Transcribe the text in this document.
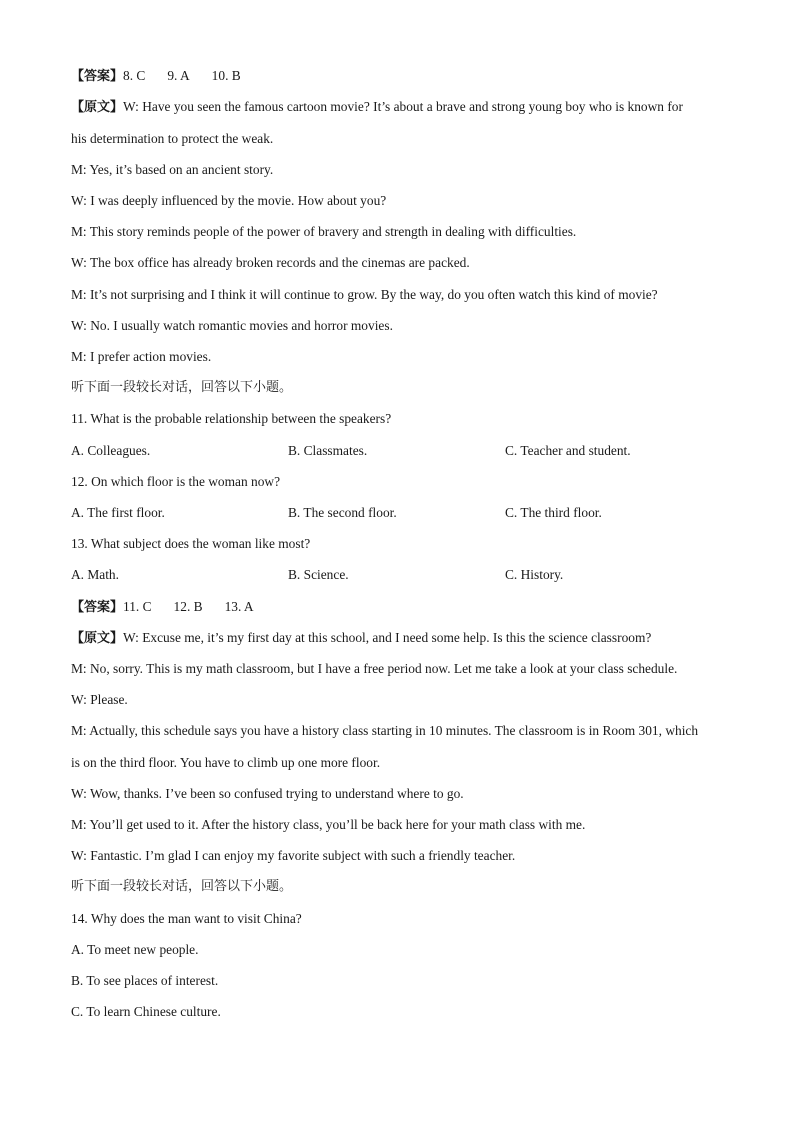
【答案】8. C 9. A 10. B
【原文】W: Have you seen the famous cartoon movie? It’s about a brave and strong young boy who is known for
his determination to protect the weak.
M: Yes, it’s based on an ancient story.
W: I was deeply influenced by the movie. How about you?
M: This story reminds people of the power of bravery and strength in dealing with difficulties.
W: The box office has already broken records and the cinemas are packed.
M: It’s not surprising and I think it will continue to grow. By the way, do you often watch this kind of movie?
W: No. I usually watch romantic movies and horror movies.
M: I prefer action movies.
听下面一段较长对话，回答以下小题。
11. What is the probable relationship between the speakers?
A. Colleagues.	B. Classmates.	C. Teacher and student.
12. On which floor is the woman now?
A. The first floor.	B. The second floor.	C. The third floor.
13. What subject does the woman like most?
A. Math.	B. Science.	C. History.
【答案】11. C 12. B 13. A
【原文】W: Excuse me, it’s my first day at this school, and I need some help. Is this the science classroom?
M: No, sorry. This is my math classroom, but I have a free period now. Let me take a look at your class schedule.
W: Please.
M: Actually, this schedule says you have a history class starting in 10 minutes. The classroom is in Room 301, which
is on the third floor. You have to climb up one more floor.
W: Wow, thanks. I’ve been so confused trying to understand where to go.
M: You’ll get used to it. After the history class, you’ll be back here for your math class with me.
W: Fantastic. I’m glad I can enjoy my favorite subject with such a friendly teacher.
听下面一段较长对话，回答以下小题。
14. Why does the man want to visit China?
A. To meet new people.
B. To see places of interest.
C. To learn Chinese culture.
